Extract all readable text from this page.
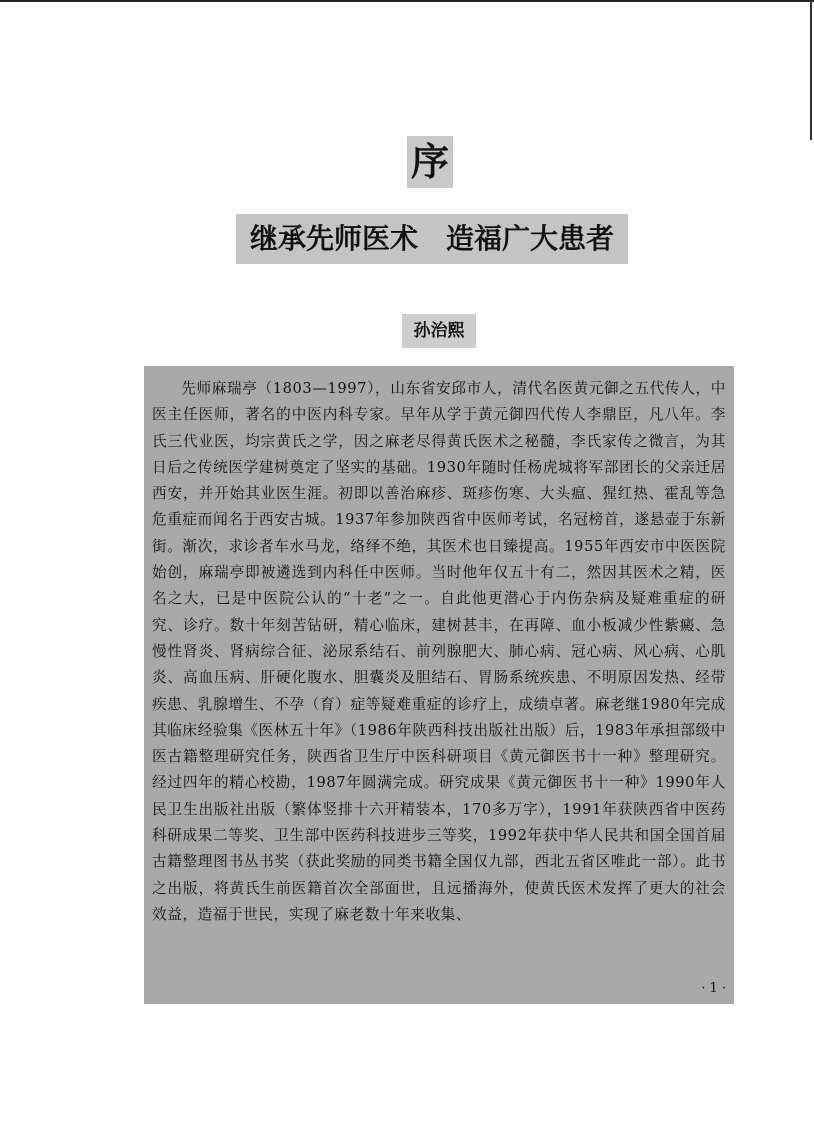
序
继承先师医术　造福广大患者
孙治熙

先师麻瑞亭（1803—1997），山东省安邱市人，清代名医黄元御之五代传人，中医主任医师，著名的中医内科专家。早年从学于黄元御四代传人李鼎臣，凡八年。李氏三代业医，均宗黄氏之学，因之麻老尽得黄氏医术之秘髓，李氏家传之微言，为其日后之传统医学建树奠定了坚实的基础。1930年随时任杨虎城将军部团长的父亲迁居西安，并开始其业医生涯。初即以善治麻疹、斑疹伤寒、大头瘟、猩红热、霍乱等急危重症而闻名于西安古城。1937年参加陕西省中医师考试，名冠榜首，遂悬壶于东新街。渐次，求诊者车水马龙，络绎不绝，其医术也日臻提高。1955年西安市中医医院始创，麻瑞亭即被遴选到内科任中医师。当时他年仅五十有二，然因其医术之精，医名之大，已是中医院公认的“十老”之一。自此他更潜心于内伤杂病及疑难重症的研究、诊疗。数十年刻苦钻研，精心临床，建树甚丰，在再障、血小板减少性紫癜、急慢性肾炎、肾病综合征、泌尿系结石、前列腺肥大、肺心病、冠心病、风心病、心肌炎、高血压病、肝硬化腹水、胆囊炎及胆结石、胃肠系统疾患、不明原因发热、经带疾患、乳腺增生、不孕（育）症等疑难重症的诊疗上，成绩卓著。麻老继1980年完成其临床经验集《医林五十年》（1986年陕西科技出版社出版）后，1983年承担部级中医古籍整理研究任务，陕西省卫生厅中医科研项目《黄元御医书十一种》整理研究。经过四年的精心校勘，1987年圆满完成。研究成果《黄元御医书十一种》1990年人民卫生出版社出版（繁体竖排十六开精装本，170多万字），1991年获陕西省中医药科研成果二等奖、卫生部中医药科技进步三等奖，1992年获中华人民共和国全国首届古籍整理图书丛书奖（获此奖励的同类书籍全国仅九部，西北五省区唯此一部）。此书之出版，将黄氏生前医籍首次全部面世，且远播海外，使黄氏医术发挥了更大的社会效益，造福于世民，实现了麻老数十年来收集、

· 1 ·
